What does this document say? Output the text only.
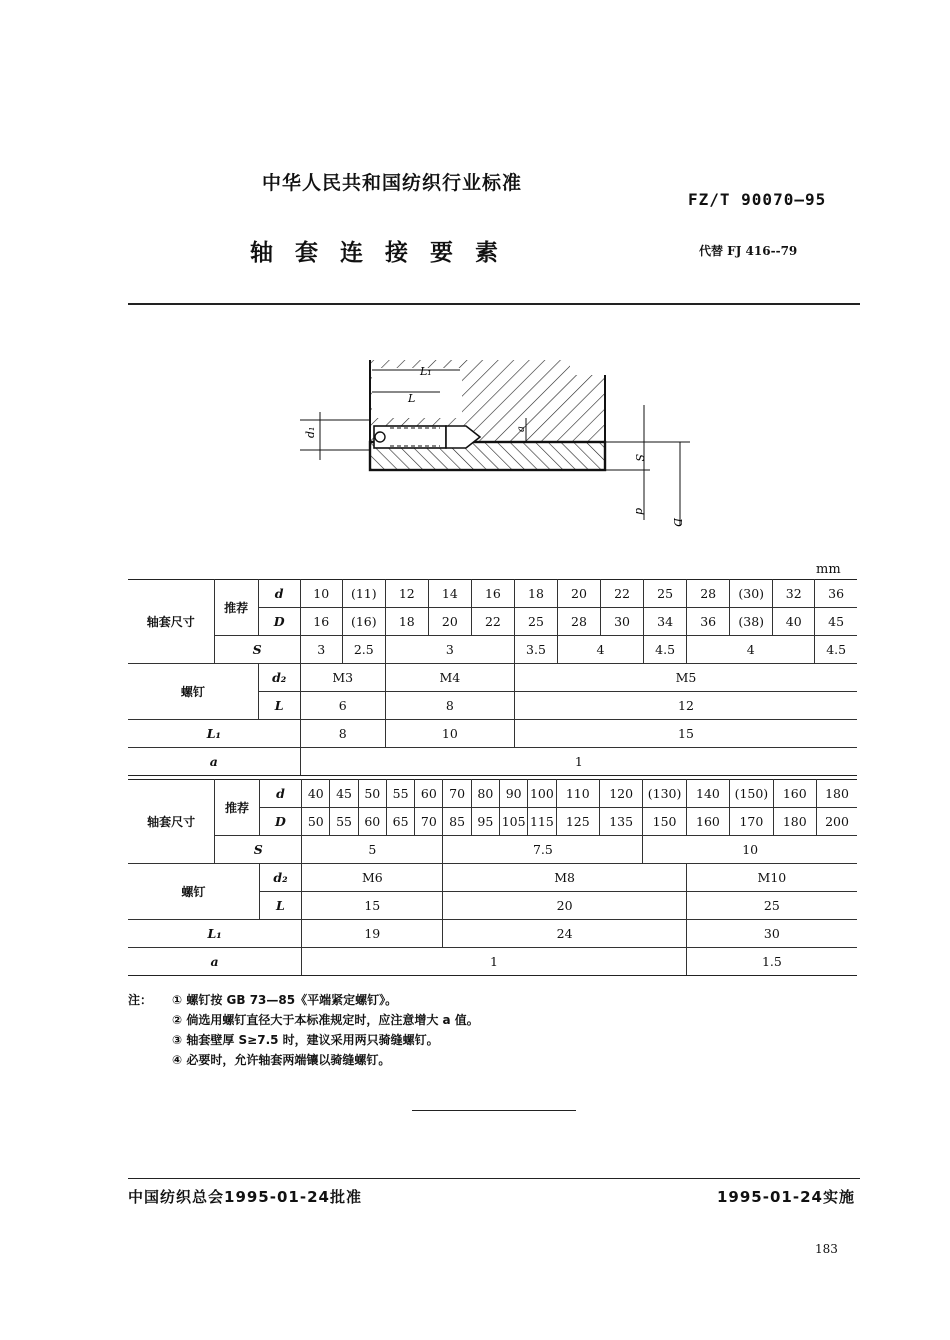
中华人民共和国纺织行业标准
FZ/T 90070—95
轴套连接要素	代替 FJ 416--79
L₁
L
d₁	a
S
d
D
mm
轴套尺寸	推荐	d	10	(11)	12	14	16	18	20	22	25	28	(30)	32	36
		D	16	(16)	18	20	22	25	28	30	34	36	(38)	40	45
	S		3	2.5	3			3.5	4		4.5	4			4.5
螺钉		d₂	M3		M4			M5							
		L	6		8			12							
L₁			8		10			15							
a			1												
轴套尺寸	推荐	d	40	45	50	55	60	70	80	90	100	110	120	(130)	140	(150)	160	180
		D	50	55	60	65	70	85	95	105	115	125	135	150	160	170	180	200
	S		5					7.5						10				
螺钉		d₂	M6					M8							M10			
		L	15					20							25			
L₁			19					24							30			
a			1												1.5			
注： ① 螺钉按 GB 73—85《平端紧定螺钉》。
② 倘选用螺钉直径大于本标准规定时，应注意增大 a 值。
③ 轴套壁厚 S≥7.5 时，建议采用两只骑缝螺钉。
④ 必要时，允许轴套两端镶以骑缝螺钉。
中国纺织总会1995-01-24批准	1995-01-24实施
183
